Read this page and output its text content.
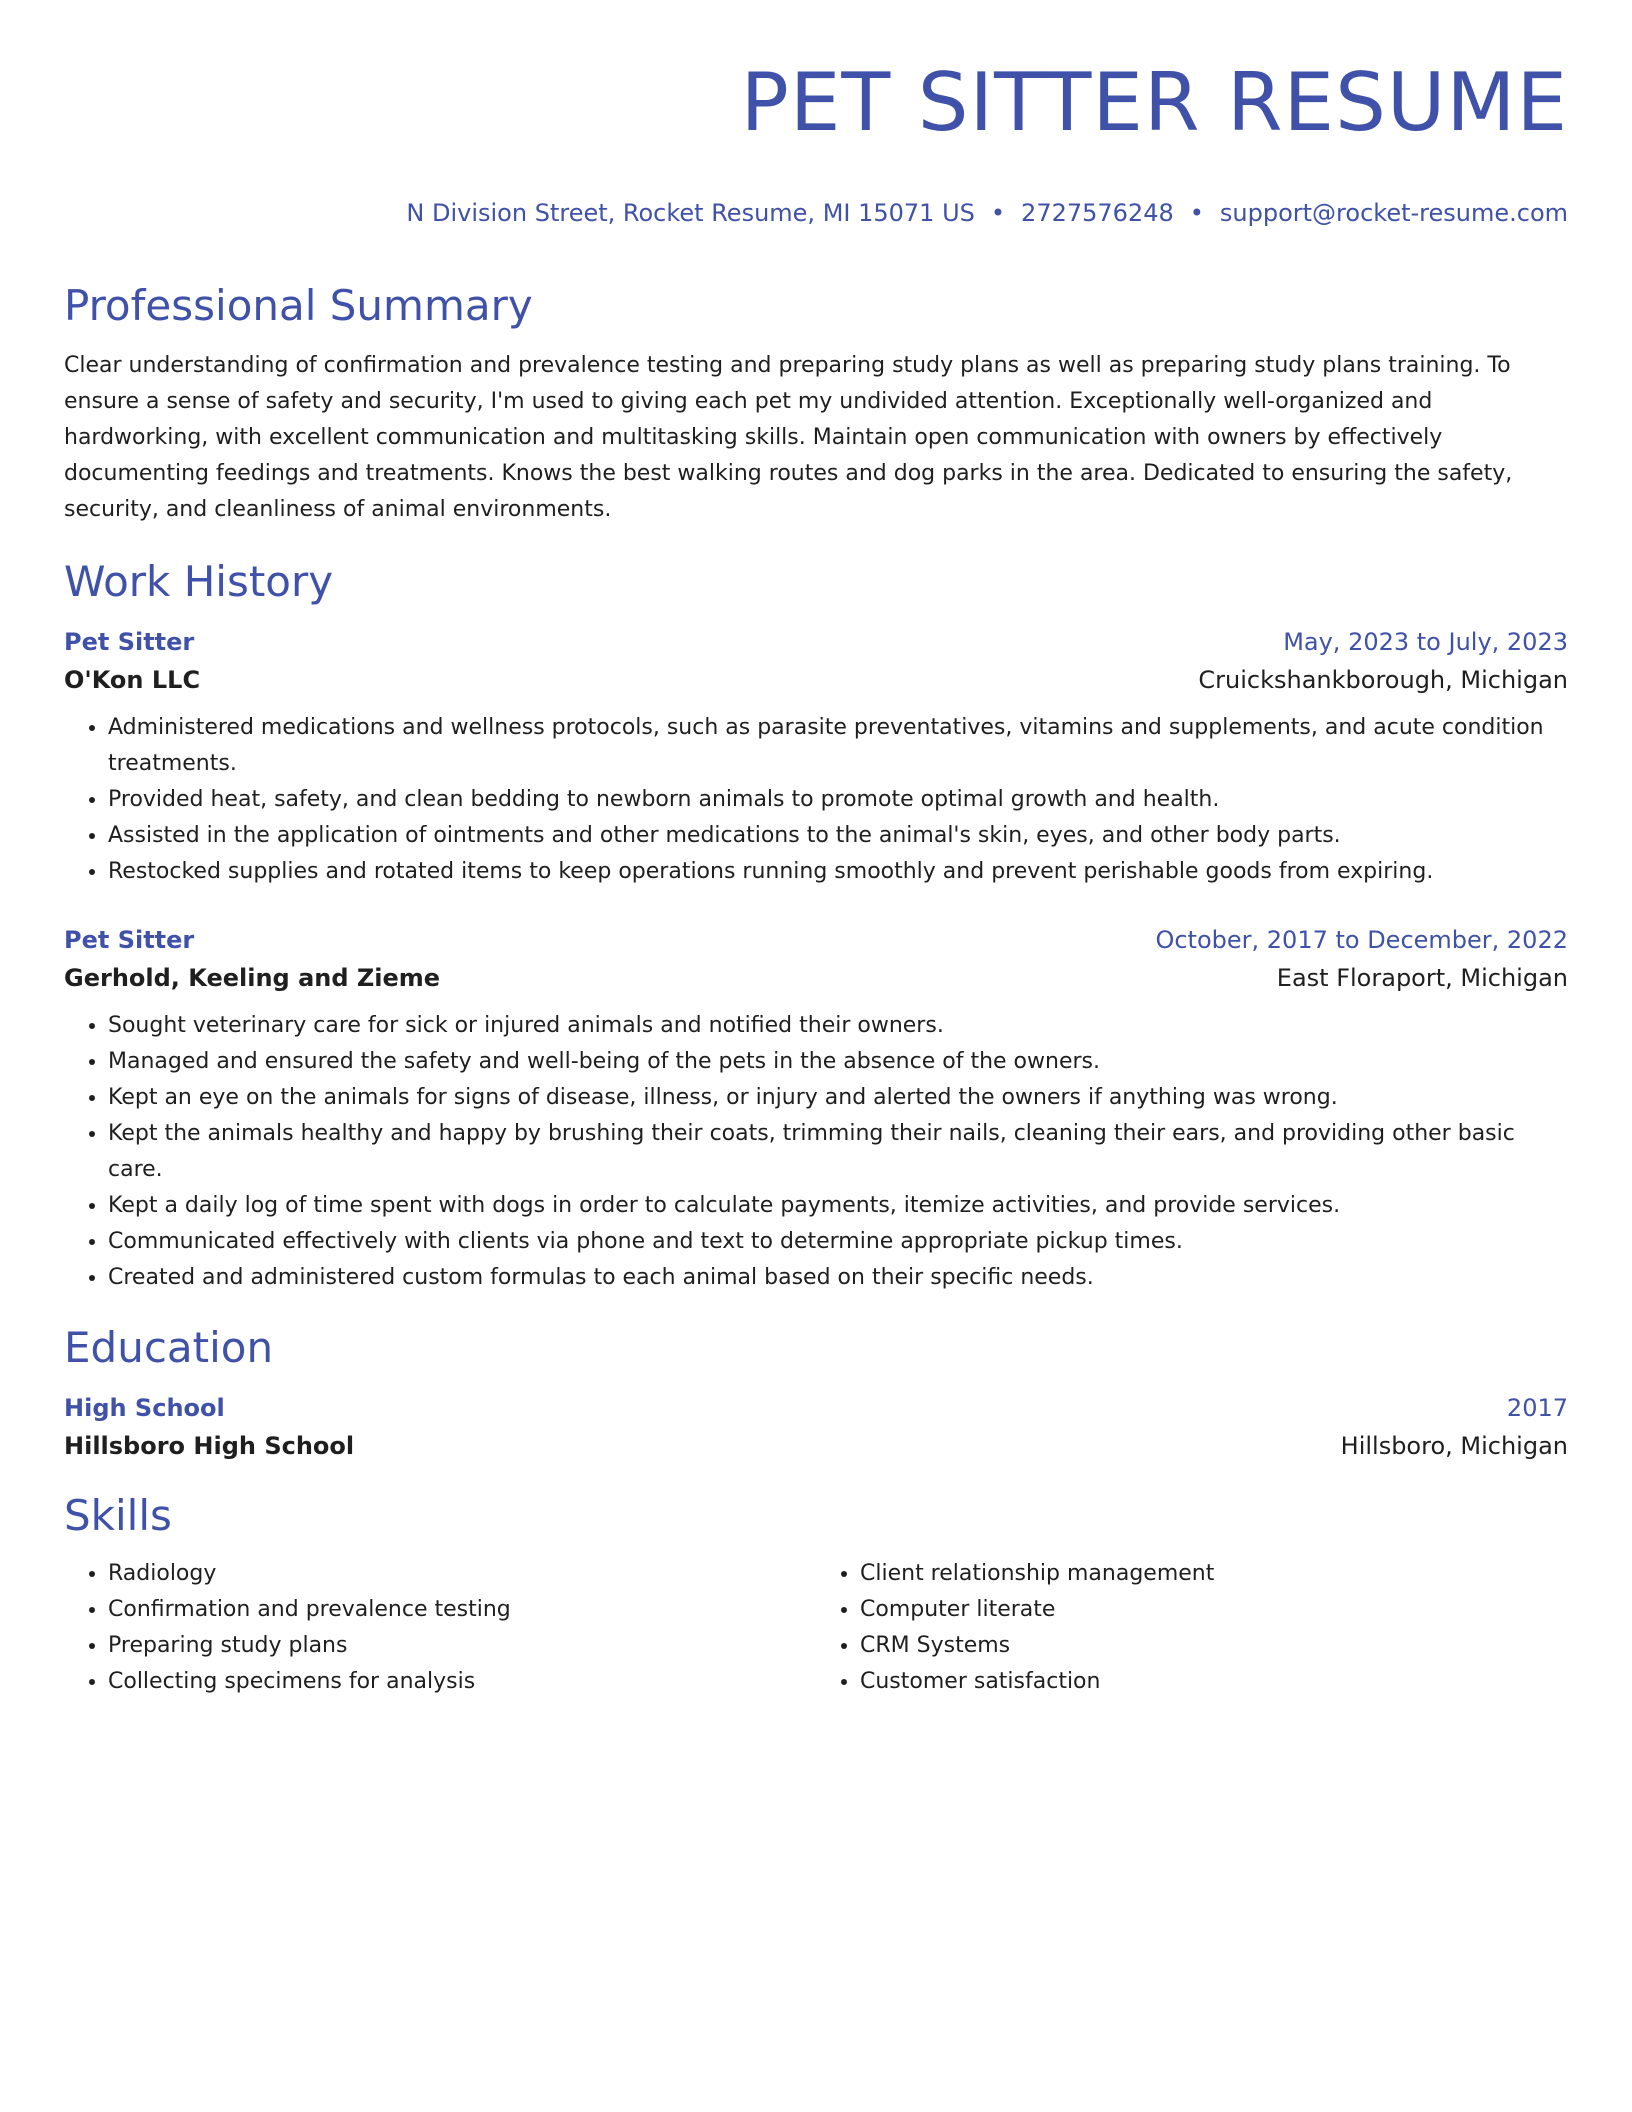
PET SITTER RESUME
N Division Street, Rocket Resume, MI 15071 US • 2727576248 • support@rocket-resume.com
Professional Summary
Clear understanding of confirmation and prevalence testing and preparing study plans as well as preparing study plans training. To ensure a sense of safety and security, I'm used to giving each pet my undivided attention. Exceptionally well-organized and hardworking, with excellent communication and multitasking skills. Maintain open communication with owners by effectively documenting feedings and treatments. Knows the best walking routes and dog parks in the area. Dedicated to ensuring the safety, security, and cleanliness of animal environments.
Work History
Pet Sitter	May, 2023 to July, 2023
O'Kon LLC	Cruickshankborough, Michigan
• Administered medications and wellness protocols, such as parasite preventatives, vitamins and supplements, and acute condition treatments.
• Provided heat, safety, and clean bedding to newborn animals to promote optimal growth and health.
• Assisted in the application of ointments and other medications to the animal's skin, eyes, and other body parts.
• Restocked supplies and rotated items to keep operations running smoothly and prevent perishable goods from expiring.
Pet Sitter	October, 2017 to December, 2022
Gerhold, Keeling and Zieme	East Floraport, Michigan
• Sought veterinary care for sick or injured animals and notified their owners.
• Managed and ensured the safety and well-being of the pets in the absence of the owners.
• Kept an eye on the animals for signs of disease, illness, or injury and alerted the owners if anything was wrong.
• Kept the animals healthy and happy by brushing their coats, trimming their nails, cleaning their ears, and providing other basic care.
• Kept a daily log of time spent with dogs in order to calculate payments, itemize activities, and provide services.
• Communicated effectively with clients via phone and text to determine appropriate pickup times.
• Created and administered custom formulas to each animal based on their specific needs.
Education
High School	2017
Hillsboro High School	Hillsboro, Michigan
Skills
• Radiology
• Confirmation and prevalence testing
• Preparing study plans
• Collecting specimens for analysis
• Client relationship management
• Computer literate
• CRM Systems
• Customer satisfaction
